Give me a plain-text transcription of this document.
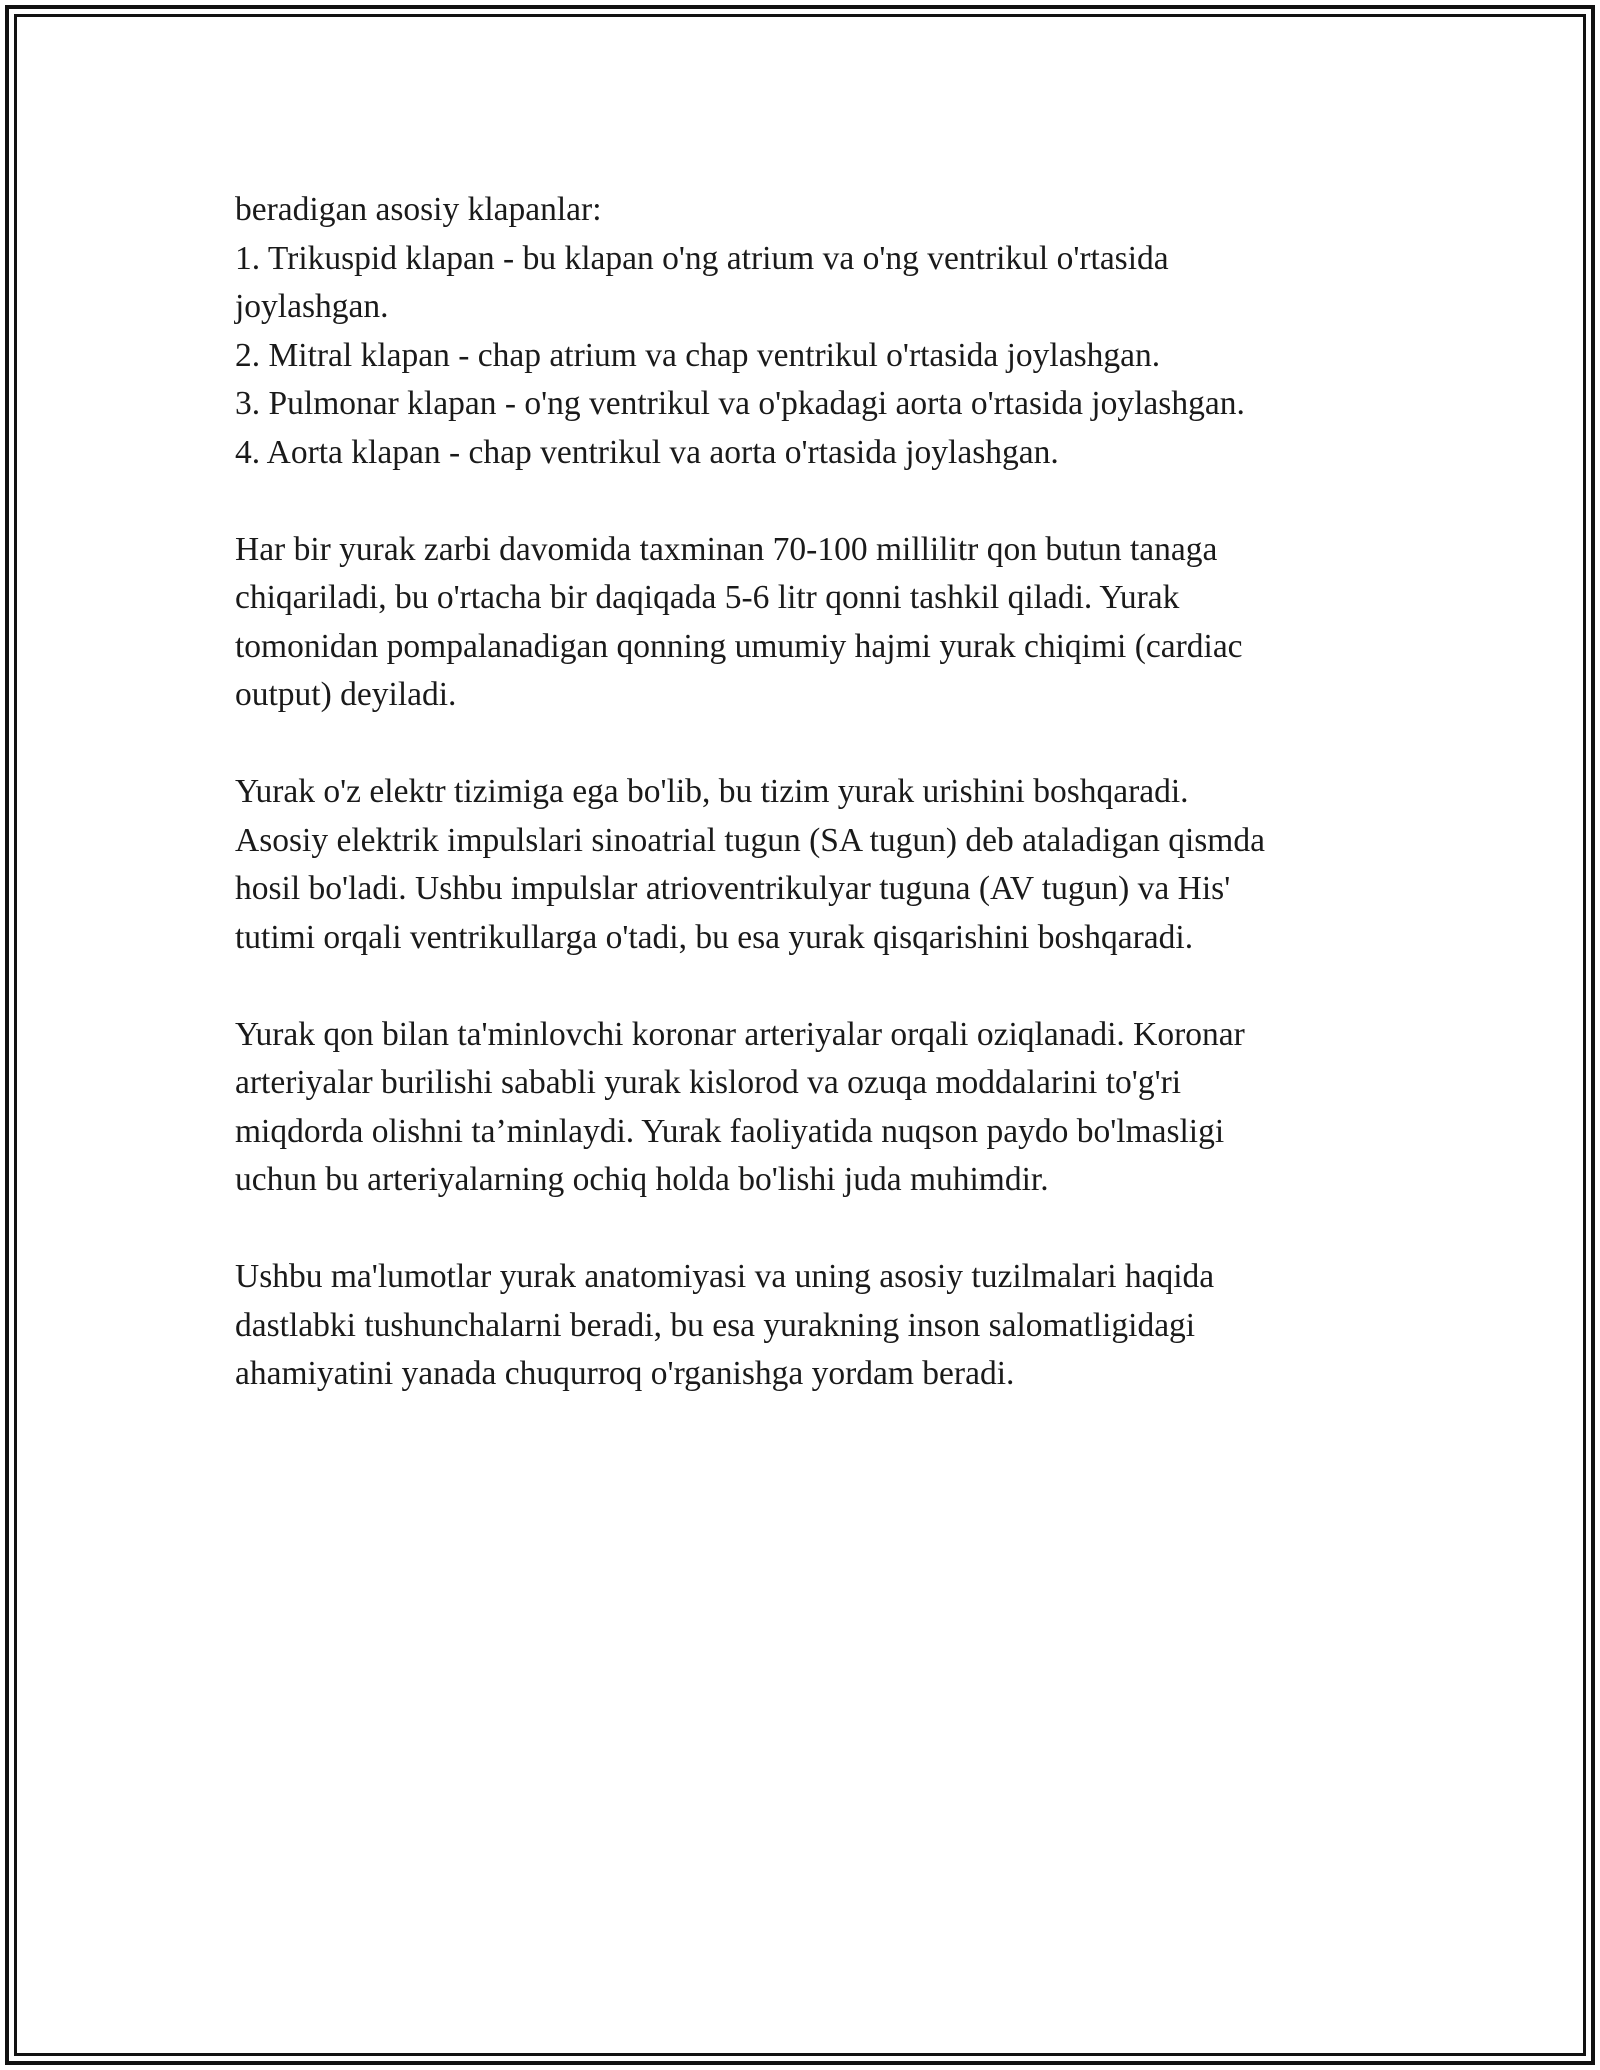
beradigan asosiy klapanlar:
1. Trikuspid klapan - bu klapan o'ng atrium va o'ng ventrikul o'rtasida
joylashgan.
2. Mitral klapan - chap atrium va chap ventrikul o'rtasida joylashgan.
3. Pulmonar klapan - o'ng ventrikul va o'pkadagi aorta o'rtasida joylashgan.
4. Aorta klapan - chap ventrikul va aorta o'rtasida joylashgan.
Har bir yurak zarbi davomida taxminan 70-100 millilitr qon butun tanaga
chiqariladi, bu o'rtacha bir daqiqada 5-6 litr qonni tashkil qiladi. Yurak
tomonidan pompalanadigan qonning umumiy hajmi yurak chiqimi (cardiac
output) deyiladi.
Yurak o'z elektr tizimiga ega bo'lib, bu tizim yurak urishini boshqaradi.
Asosiy elektrik impulslari sinoatrial tugun (SA tugun) deb ataladigan qismda
hosil bo'ladi. Ushbu impulslar atrioventrikulyar tuguna (AV tugun) va His'
tutimi orqali ventrikullarga o'tadi, bu esa yurak qisqarishini boshqaradi.
Yurak qon bilan ta'minlovchi koronar arteriyalar orqali oziqlanadi. Koronar
arteriyalar burilishi sababli yurak kislorod va ozuqa moddalarini to'g'ri
miqdorda olishni ta’minlaydi. Yurak faoliyatida nuqson paydo bo'lmasligi
uchun bu arteriyalarning ochiq holda bo'lishi juda muhimdir.
Ushbu ma'lumotlar yurak anatomiyasi va uning asosiy tuzilmalari haqida
dastlabki tushunchalarni beradi, bu esa yurakning inson salomatligidagi
ahamiyatini yanada chuqurroq o'rganishga yordam beradi.
